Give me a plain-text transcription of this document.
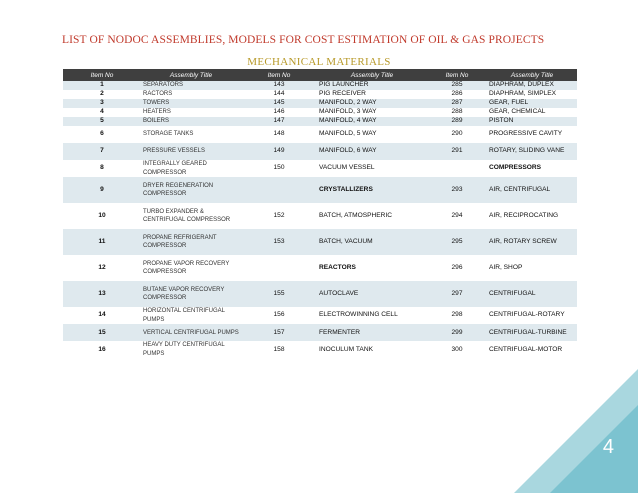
LIST OF NODOC ASSEMBLIES, MODELS FOR COST ESTIMATION OF OIL & GAS PROJECTS
MECHANICAL MATERIALS
Item No	Assembly Title	Item No	Assembly Title	Item No	Assembly Title
1	SEPARATORS	143	PIG LAUNCHER	285	DIAPHRAM, DUPLEX
2	RACTORS	144	PIG RECEIVER	286	DIAPHRAM, SIMPLEX
3	TOWERS	145	MANIFOLD, 2 WAY	287	GEAR, FUEL
4	HEATERS	146	MANIFOLD, 3 WAY	288	GEAR, CHEMICAL
5	BOILERS	147	MANIFOLD, 4 WAY	289	PISTON
6	STORAGE TANKS	148	MANIFOLD, 5 WAY	290	PROGRESSIVE CAVITY
7	PRESSURE VESSELS	149	MANIFOLD, 6 WAY	291	ROTARY, SLIDING VANE
8	INTEGRALLY GEARED COMPRESSOR	150	VACUUM VESSEL		COMPRESSORS
9	DRYER REGENERATION COMPRESSOR		CRYSTALLIZERS	293	AIR, CENTRIFUGAL
10	TURBO EXPANDER & CENTRIFUGAL COMPRESSOR	152	BATCH, ATMOSPHERIC	294	AIR, RECIPROCATING
11	PROPANE REFRIGERANT COMPRESSOR	153	BATCH, VACUUM	295	AIR, ROTARY SCREW
12	PROPANE VAPOR RECOVERY COMPRESSOR		REACTORS	296	AIR, SHOP
13	BUTANE VAPOR RECOVERY COMPRESSOR	155	AUTOCLAVE	297	CENTRIFUGAL
14	HORIZONTAL CENTRIFUGAL PUMPS	156	ELECTROWINNING CELL	298	CENTRIFUGAL-ROTARY
15	VERTICAL CENTRIFUGAL PUMPS	157	FERMENTER	299	CENTRIFUGAL-TURBINE
16	HEAVY DUTY CENTRIFUGAL PUMPS	158	INOCULUM TANK	300	CENTRIFUGAL-MOTOR
4
